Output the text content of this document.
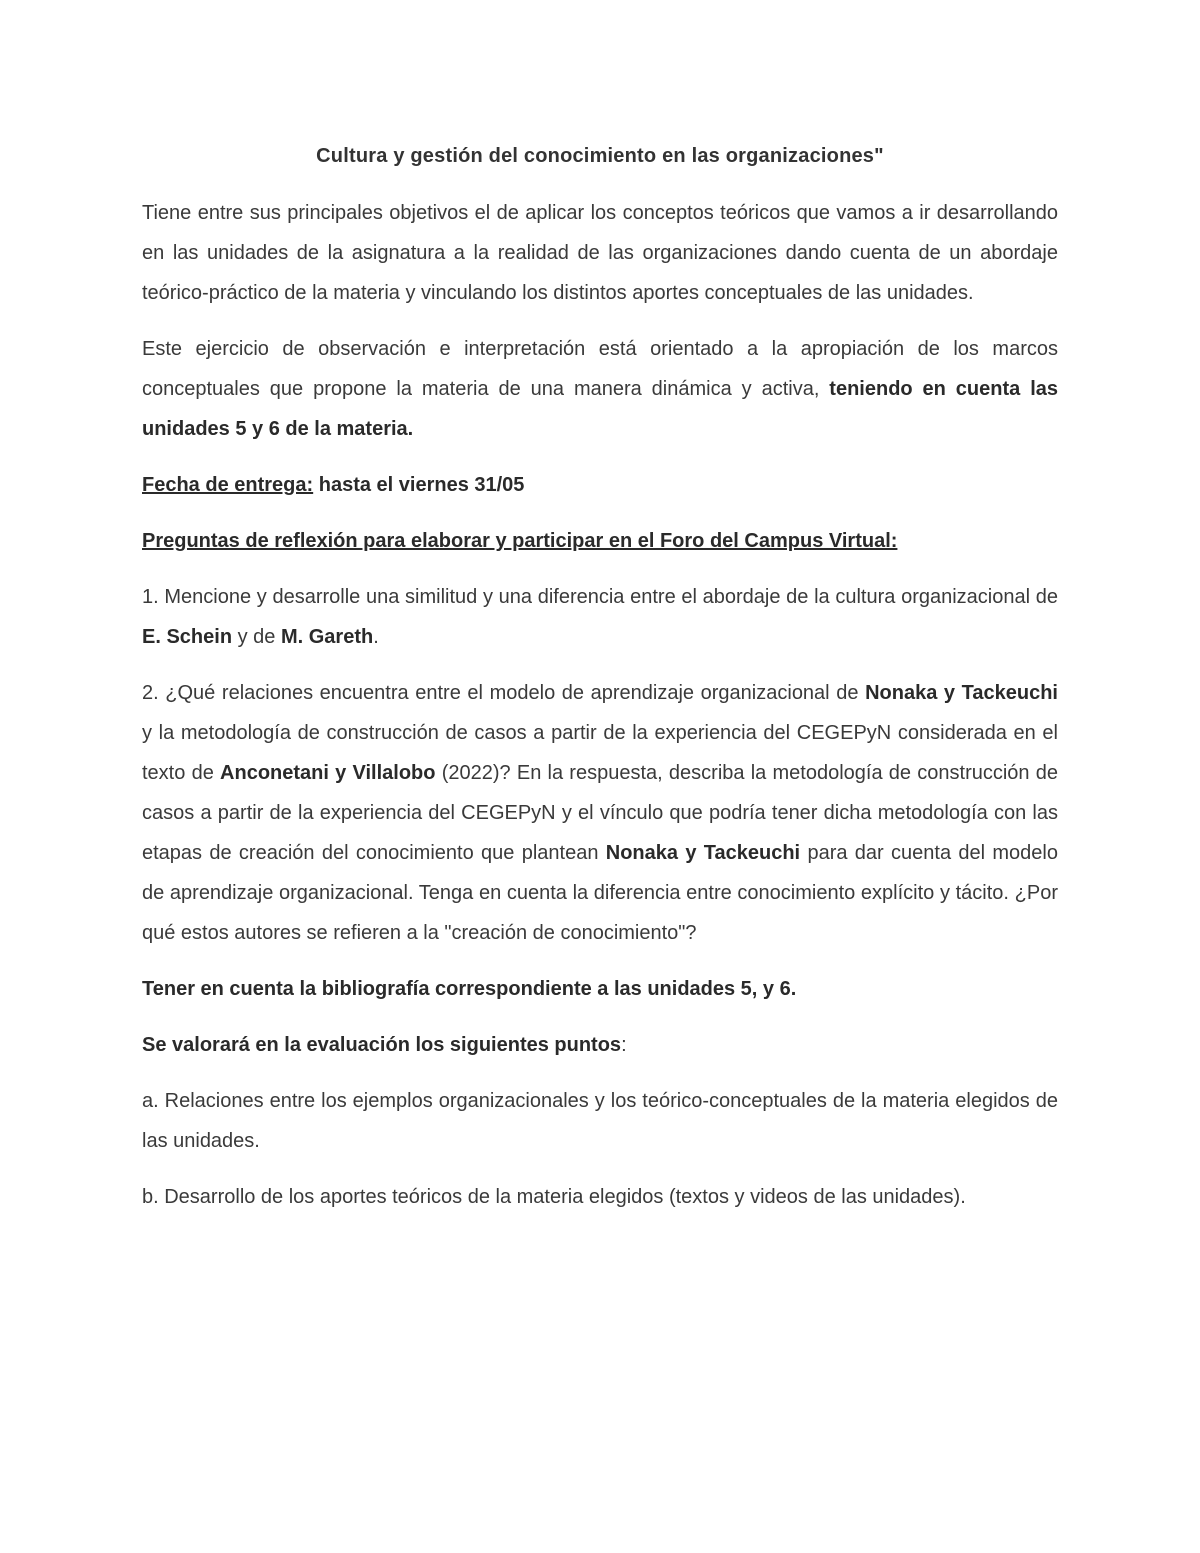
Cultura y gestión del conocimiento en las organizaciones"

Tiene entre sus principales objetivos el de aplicar los conceptos teóricos que vamos a ir desarrollando en las unidades de la asignatura a la realidad de las organizaciones dando cuenta de un abordaje teórico-práctico de la materia y vinculando los distintos aportes conceptuales de las unidades.

Este ejercicio de observación e interpretación está orientado a la apropiación de los marcos conceptuales que propone la materia de una manera dinámica y activa, teniendo en cuenta las unidades 5 y 6 de la materia.

Fecha de entrega: hasta el viernes 31/05

Preguntas de reflexión para elaborar y participar en el Foro del Campus Virtual:

1. Mencione y desarrolle una similitud y una diferencia entre el abordaje de la cultura organizacional de E. Schein y de M. Gareth.

2. ¿Qué relaciones encuentra entre el modelo de aprendizaje organizacional de Nonaka y Tackeuchi y la metodología de construcción de casos a partir de la experiencia del CEGEPyN considerada en el texto de Anconetani y Villalobo (2022)? En la respuesta, describa la metodología de construcción de casos a partir de la experiencia del CEGEPyN y el vínculo que podría tener dicha metodología con las etapas de creación del conocimiento que plantean Nonaka y Tackeuchi para dar cuenta del modelo de aprendizaje organizacional. Tenga en cuenta la diferencia entre conocimiento explícito y tácito. ¿Por qué estos autores se refieren a la "creación de conocimiento"?

Tener en cuenta la bibliografía correspondiente a las unidades 5, y 6.

Se valorará en la evaluación los siguientes puntos:

a. Relaciones entre los ejemplos organizacionales y los teórico-conceptuales de la materia elegidos de las unidades.

b. Desarrollo de los aportes teóricos de la materia elegidos (textos y videos de las unidades).
